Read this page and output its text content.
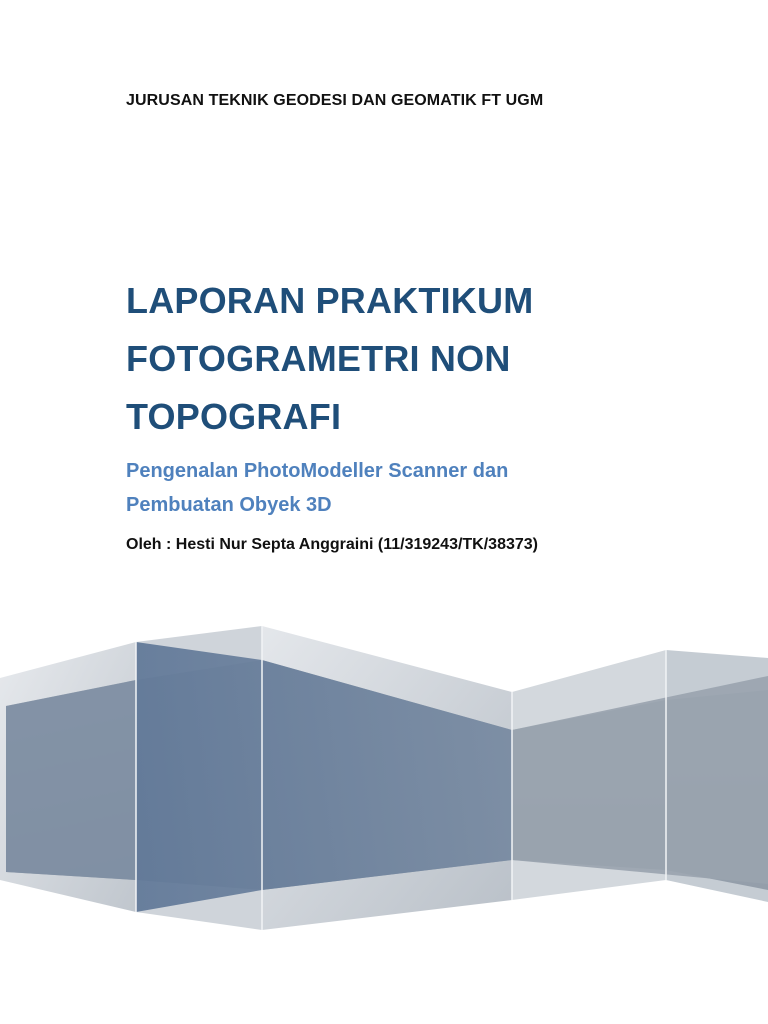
JURUSAN TEKNIK GEODESI DAN GEOMATIK FT UGM
LAPORAN PRAKTIKUM
FOTOGRAMETRI NON
TOPOGRAFI
Pengenalan PhotoModeller Scanner dan
Pembuatan Obyek 3D
Oleh : Hesti Nur Septa Anggraini (11/319243/TK/38373)
